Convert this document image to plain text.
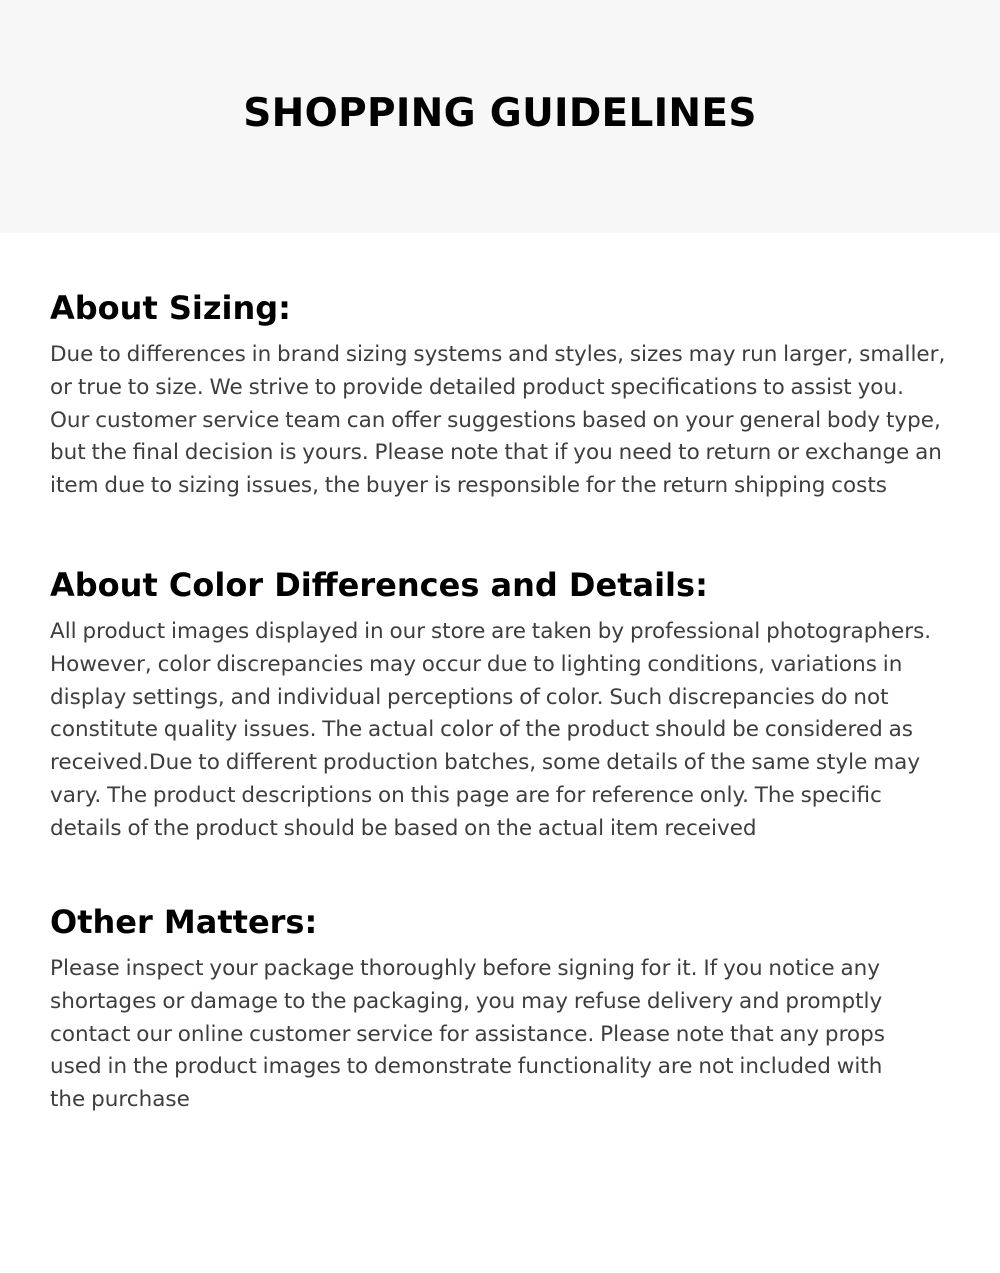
SHOPPING GUIDELINES
About Sizing:

Due to differences in brand sizing systems and styles, sizes may run larger, smaller,
or true to size. We strive to provide detailed product specifications to assist you.
Our customer service team can offer suggestions based on your general body type,
but the final decision is yours. Please note that if you need to return or exchange an
item due to sizing issues, the buyer is responsible for the return shipping costs

About Color Differences and Details:

All product images displayed in our store are taken by professional photographers.
However, color discrepancies may occur due to lighting conditions, variations in
display settings, and individual perceptions of color. Such discrepancies do not
constitute quality issues. The actual color of the product should be considered as
received.Due to different production batches, some details of the same style may
vary. The product descriptions on this page are for reference only. The specific
details of the product should be based on the actual item received

Other Matters:

Please inspect your package thoroughly before signing for it. If you notice any
shortages or damage to the packaging, you may refuse delivery and promptly
contact our online customer service for assistance. Please note that any props
used in the product images to demonstrate functionality are not included with
the purchase
